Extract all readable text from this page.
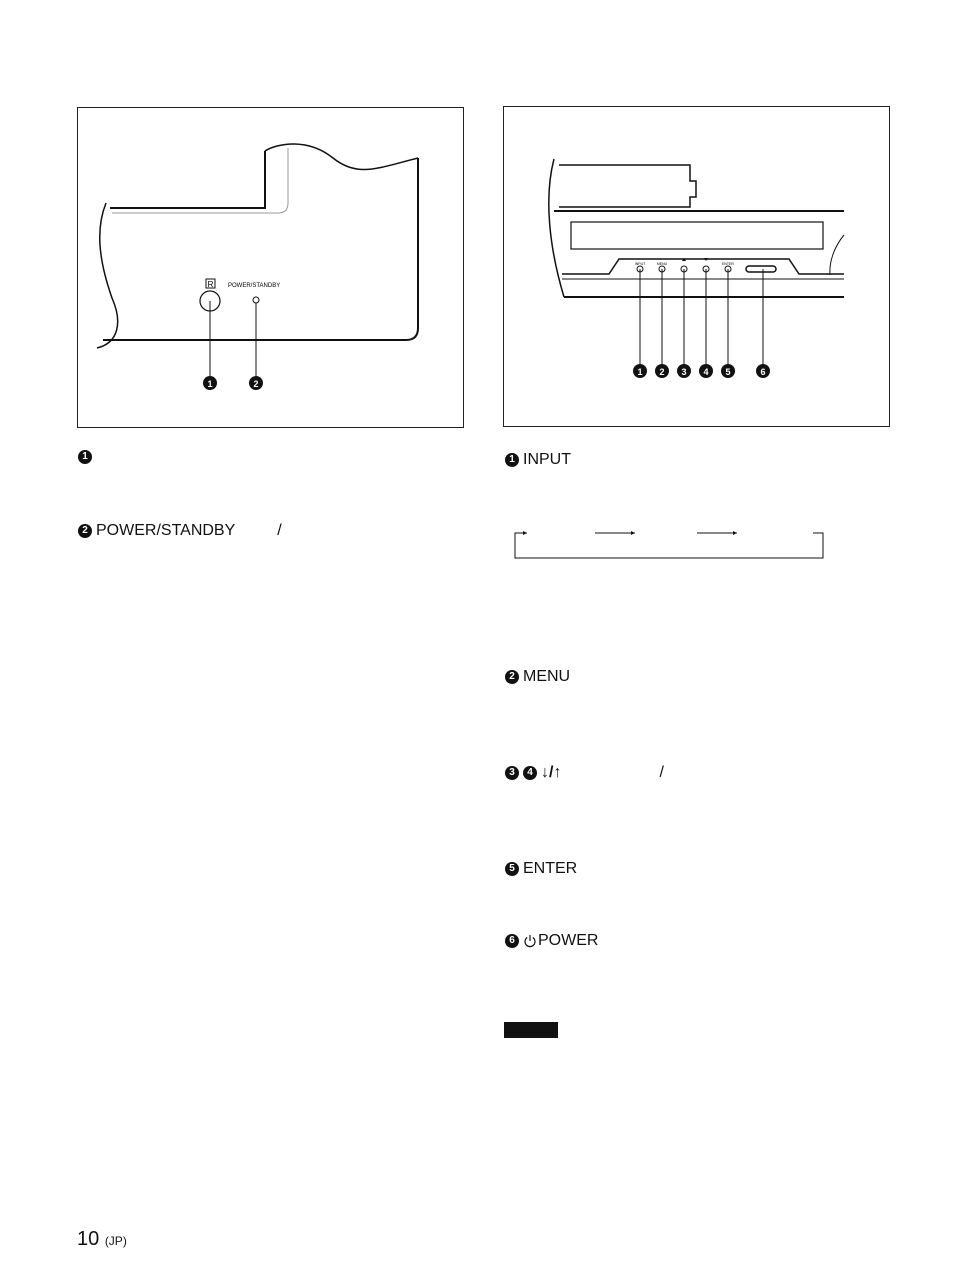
R POWER/STANDBY
1	2
INPUT	MENU	ENTER
1 2 3 4 5	6
1
2 POWER/STANDBY	/
1 INPUT
2 MENU
3	4 ↓/↑	/
5 ENTER
6 POWER
10 (JP)
